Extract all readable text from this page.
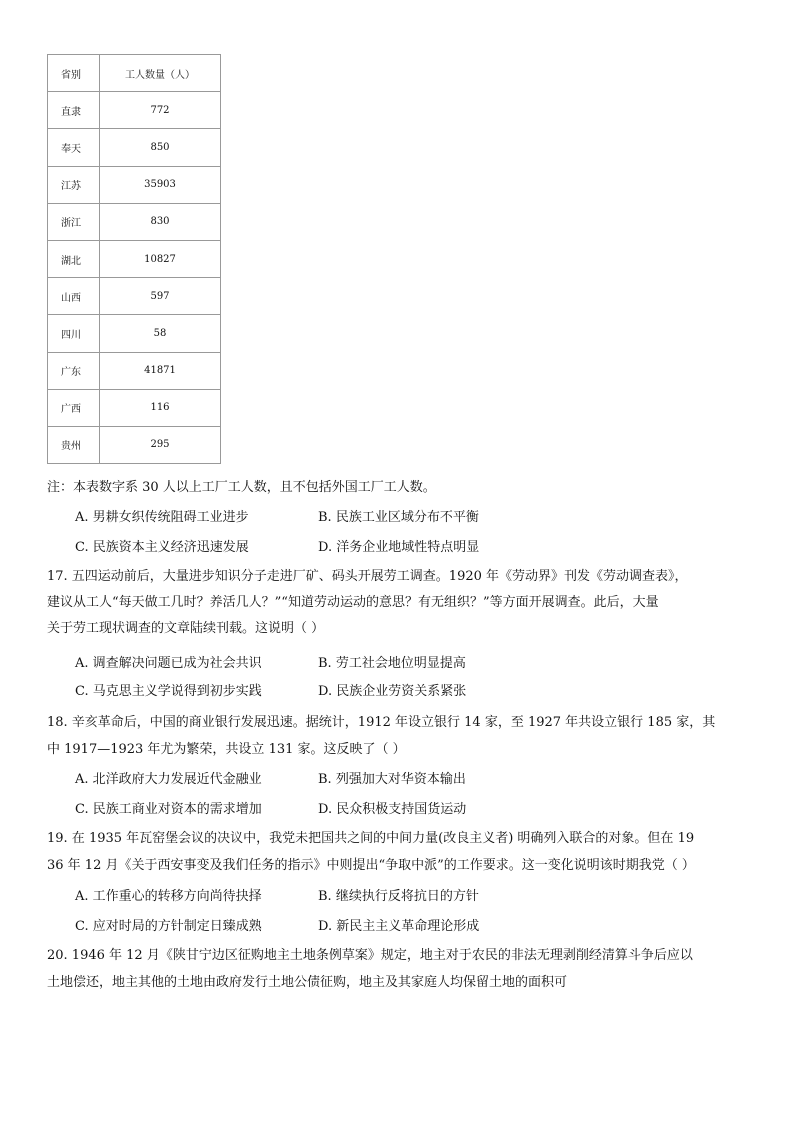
省别	工人数量（人）
直隶	772
奉天	850
江苏	35903
浙江	830
湖北	10827
山西	597
四川	58
广东	41871
广西	116
贵州	295
注：本表数字系 30 人以上工厂工人数，且不包括外国工厂工人数。
A. 男耕女织传统阻碍工业进步	B. 民族工业区域分布不平衡
C. 民族资本主义经济迅速发展	D. 洋务企业地域性特点明显
17. 五四运动前后，大量进步知识分子走进厂矿、码头开展劳工调查。1920 年《劳动界》刊发《劳动调查表》，
建议从工人“每天做工几时？养活几人？”“知道劳动运动的意思？有无组织？”等方面开展调查。此后，大量
关于劳工现状调查的文章陆续刊载。这说明（ ）
A. 调查解决问题已成为社会共识	B. 劳工社会地位明显提高
C. 马克思主义学说得到初步实践	D. 民族企业劳资关系紧张
18. 辛亥革命后，中国的商业银行发展迅速。据统计，1912 年设立银行 14 家，至 1927 年共设立银行 185 家，其
中 1917—1923 年尤为繁荣，共设立 131 家。这反映了（ ）
A. 北洋政府大力发展近代金融业	B. 列强加大对华资本输出
C. 民族工商业对资本的需求增加	D. 民众积极支持国货运动
19. 在 1935 年瓦窑堡会议的决议中，我党未把国共之间的中间力量(改良主义者) 明确列入联合的对象。但在 19
36 年 12 月《关于西安事变及我们任务的指示》中则提出“争取中派”的工作要求。这一变化说明该时期我党（ ）
A. 工作重心的转移方向尚待抉择	B. 继续执行反将抗日的方针
C. 应对时局的方针制定日臻成熟	D. 新民主主义革命理论形成
20. 1946 年 12 月《陕甘宁边区征购地主土地条例草案》规定，地主对于农民的非法无理剥削经清算斗争后应以
土地偿还，地主其他的土地由政府发行土地公债征购，地主及其家庭人均保留土地的面积可
